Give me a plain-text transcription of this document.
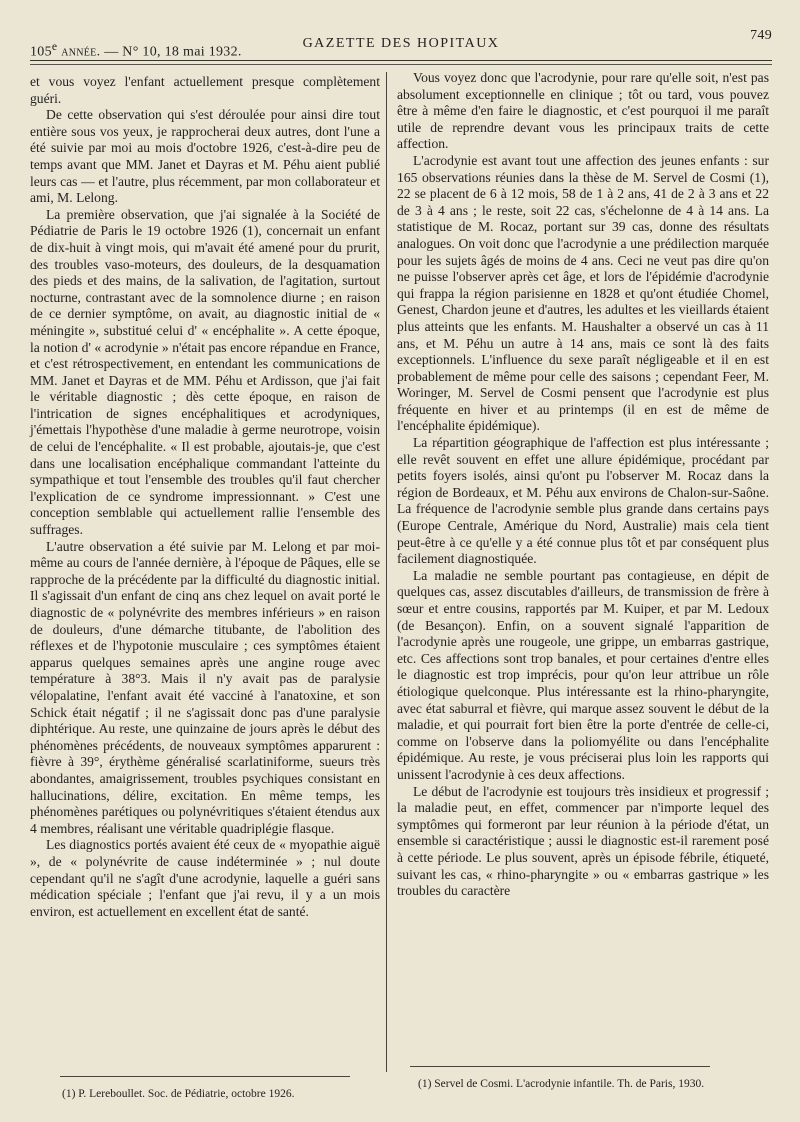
105e année. — N° 10, 18 mai 1932.
GAZETTE DES HOPITAUX
749

et vous voyez l'enfant actuellement presque complètement guéri.

De cette observation qui s'est déroulée pour ainsi dire tout entière sous vos yeux, je rapprocherai deux autres, dont l'une a été suivie par moi au mois d'octobre 1926, c'est-à-dire peu de temps avant que MM. Janet et Dayras et M. Péhu aient publié leurs cas — et l'autre, plus récemment, par mon collaborateur et ami, M. Lelong.

La première observation, que j'ai signalée à la Société de Pédiatrie de Paris le 19 octobre 1926 (1), concernait un enfant de dix-huit à vingt mois, qui m'avait été amené pour du prurit, des troubles vaso-moteurs, des douleurs, de la desquamation des pieds et des mains, de la salivation, de l'agitation, surtout nocturne, contrastant avec de la somnolence diurne ; en raison de ce dernier symptôme, on avait, au diagnostic initial de « méningite », substitué celui d' « encéphalite ». A cette époque, la notion d' « acrodynie » n'était pas encore répandue en France, et c'est rétrospectivement, en entendant les communications de MM. Janet et Dayras et de MM. Péhu et Ardisson, que j'ai fait le véritable diagnostic ; dès cette époque, en raison de l'intrication de signes encéphalitiques et acrodyniques, j'émettais l'hypothèse d'une maladie à germe neurotrope, voisin de celui de l'encéphalite. « Il est probable, ajoutais-je, que c'est dans une localisation encéphalique commandant l'atteinte du sympathique et tout l'ensemble des troubles qu'il faut chercher l'explication de ce syndrome impressionnant. » C'est une conception semblable qui actuellement rallie l'ensemble des suffrages.

L'autre observation a été suivie par M. Lelong et par moi-même au cours de l'année dernière, à l'époque de Pâques, elle se rapproche de la précédente par la difficulté du diagnostic initial. Il s'agissait d'un enfant de cinq ans chez lequel on avait porté le diagnostic de « polynévrite des membres inférieurs » en raison de douleurs, d'une démarche titubante, de l'abolition des réflexes et de l'hypotonie musculaire ; ces symptômes étaient apparus quelques semaines après une angine rouge avec température à 38°3. Mais il n'y avait pas de paralysie vélopalatine, l'enfant avait été vacciné à l'anatoxine, et son Schick était négatif ; il ne s'agissait donc pas d'une paralysie diphtérique. Au reste, une quinzaine de jours après le début des phénomènes précédents, de nouveaux symptômes apparurent : fièvre à 39°, érythème généralisé scarlatiniforme, sueurs très abondantes, amaigrissement, troubles psychiques consistant en hallucinations, délire, excitation. En même temps, les phénomènes parétiques ou polynévritiques s'étaient étendus aux 4 membres, réalisant une véritable quadriplégie flasque.

Les diagnostics portés avaient été ceux de « myopathie aiguë », de « polynévrite de cause indéterminée » ; nul doute cependant qu'il ne s'agît d'une acrodynie, laquelle a guéri sans médication spéciale ; l'enfant que j'ai revu, il y a un mois environ, est actuellement en excellent état de santé.

Vous voyez donc que l'acrodynie, pour rare qu'elle soit, n'est pas absolument exceptionnelle en clinique ; tôt ou tard, vous pouvez être à même d'en faire le diagnostic, et c'est pourquoi il me paraît utile de reprendre devant vous les principaux traits de cette affection.

L'acrodynie est avant tout une affection des jeunes enfants : sur 165 observations réunies dans la thèse de M. Servel de Cosmi (1), 22 se placent de 6 à 12 mois, 58 de 1 à 2 ans, 41 de 2 à 3 ans et 22 de 3 à 4 ans ; le reste, soit 22 cas, s'échelonne de 4 à 14 ans. La statistique de M. Rocaz, portant sur 39 cas, donne des résultats analogues. On voit donc que l'acrodynie a une prédilection marquée pour les sujets âgés de moins de 4 ans. Ceci ne veut pas dire qu'on ne puisse l'observer après cet âge, et lors de l'épidémie d'acrodynie qui frappa la région parisienne en 1828 et qu'ont étudiée Chomel, Genest, Chardon jeune et d'autres, les adultes et les vieillards étaient plus atteints que les enfants. M. Haushalter a observé un cas à 11 ans, et M. Péhu un autre à 14 ans, mais ce sont là des faits exceptionnels. L'influence du sexe paraît négligeable et il en est probablement de même pour celle des saisons ; cependant Feer, M. Woringer, M. Servel de Cosmi pensent que l'acrodynie est plus fréquente en hiver et au printemps (il en est de même de l'encéphalite épidémique).

La répartition géographique de l'affection est plus intéressante ; elle revêt souvent en effet une allure épidémique, procédant par petits foyers isolés, ainsi qu'ont pu l'observer M. Rocaz dans la région de Bordeaux, et M. Péhu aux environs de Chalon-sur-Saône. La fréquence de l'acrodynie semble plus grande dans certains pays (Europe Centrale, Amérique du Nord, Australie) mais cela tient peut-être à ce qu'elle y a été connue plus tôt et par conséquent plus facilement diagnostiquée.

La maladie ne semble pourtant pas contagieuse, en dépit de quelques cas, assez discutables d'ailleurs, de transmission de frère à sœur et entre cousins, rapportés par M. Kuiper, et par M. Ledoux (de Besançon). Enfin, on a souvent signalé l'apparition de l'acrodynie après une rougeole, une grippe, un embarras gastrique, etc. Ces affections sont trop banales, et pour certaines d'entre elles le diagnostic est trop imprécis, pour qu'on leur attribue un rôle étiologique quelconque. Plus intéressante est la rhino-pharyngite, avec état saburral et fièvre, qui marque assez souvent le début de la maladie, et qui pourrait fort bien être la porte d'entrée de celle-ci, comme on l'observe dans la poliomyélite ou dans l'encéphalite épidémique. Au reste, je vous préciserai plus loin les rapports qui unissent l'acrodynie à ces deux affections.

Le début de l'acrodynie est toujours très insidieux et progressif ; la maladie peut, en effet, commencer par n'importe lequel des symptômes qui formeront par leur réunion à la période d'état, un ensemble si caractéristique ; aussi le diagnostic est-il rarement posé à cette période. Le plus souvent, après un épisode fébrile, étiqueté, suivant les cas, « rhino-pharyngite » ou « embarras gastrique » les troubles du caractère

(1) P. Lereboullet. Soc. de Pédiatrie, octobre 1926.
(1) Servel de Cosmi. L'acrodynie infantile. Th. de Paris, 1930.
